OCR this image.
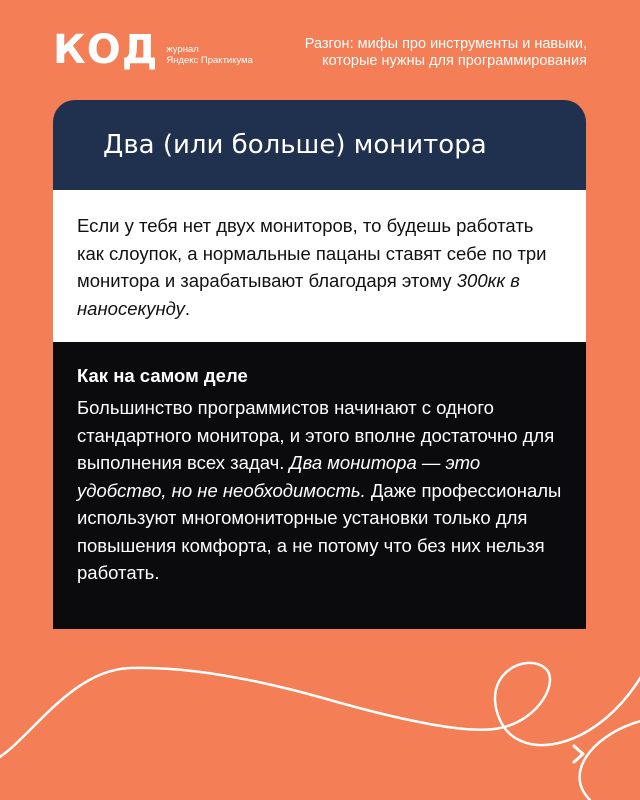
КОД журнал
Яндекс Практикума
Разгон: мифы про инструменты и навыки,
которые нужны для программирования
Два (или больше) монитора
Если у тебя нет двух мониторов, то будешь работать как слоупок, а нормальные пацаны ставят себе по три монитора и зарабатывают благодаря этому 300кк в наносекунду.
Как на самом деле
Большинство программистов начинают с одного стандартного монитора, и этого вполне достаточно для выполнения всех задач. Два монитора — это удобство, но не необходимость. Даже профессионалы используют многомониторные установки только для повышения комфорта, а не потому что без них нельзя работать.
